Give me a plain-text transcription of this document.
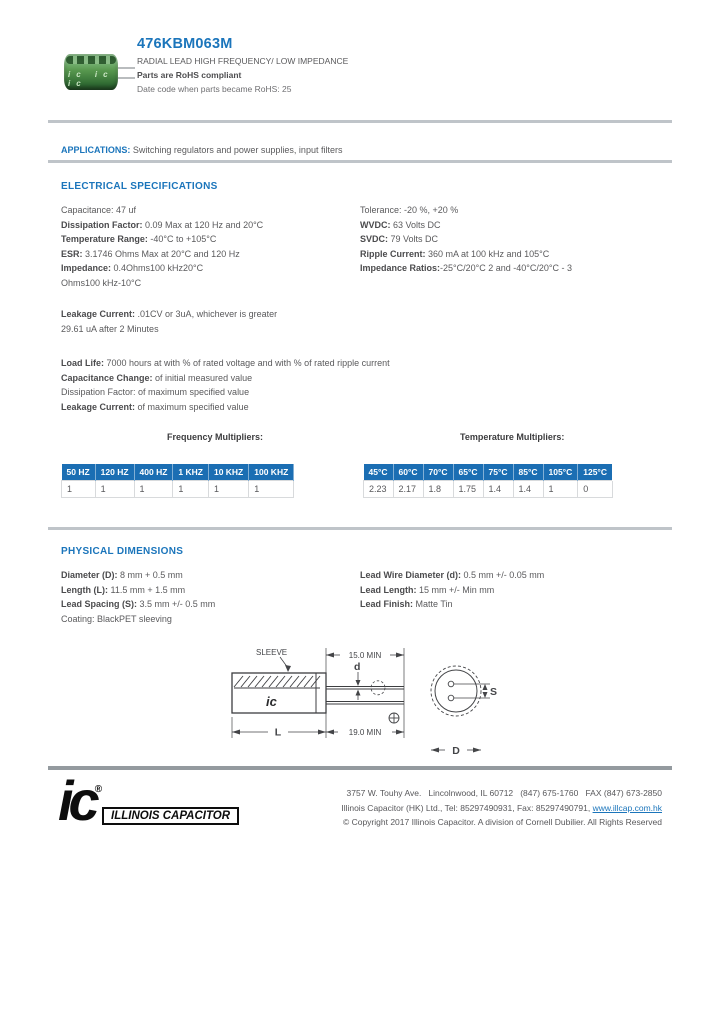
ic ic ic
476KBM063M
RADIAL LEAD HIGH FREQUENCY/ LOW IMPEDANCE
Parts are RoHS compliant
Date code when parts became RoHS: 25
APPLICATIONS: Switching regulators and power supplies, input filters
ELECTRICAL SPECIFICATIONS
Capacitance: 47 uf
Dissipation Factor: 0.09 Max at 120 Hz and 20°C
Temperature Range: -40°C to +105°C
ESR: 3.1746 Ohms Max at 20°C and 120 Hz
Impedance: 0.4Ohms100 kHz20°C
Ohms100 kHz-10°C
Tolerance: -20 %, +20 %
WVDC: 63 Volts DC
SVDC: 79 Volts DC
Ripple Current: 360 mA at 100 kHz and 105°C
Impedance Ratios:-25°C/20°C 2 and -40°C/20°C - 3
Leakage Current: .01CV or 3uA, whichever is greater
29.61 uA after 2 Minutes
Load Life: 7000 hours at with % of rated voltage and with % of rated ripple current
Capacitance Change: of initial measured value
Dissipation Factor: of maximum specified value
Leakage Current: of maximum specified value
Frequency Multipliers:	Temperature Multipliers:
50 HZ	120 HZ	400 HZ	1 KHZ	10 KHZ	100 KHZ
1	1	1	1	1	1
45°C	60°C	70°C	65°C	75°C	85°C	105°C	125°C
2.23	2.17	1.8	1.75	1.4	1.4	1	0
PHYSICAL DIMENSIONS
Diameter (D): 8 mm + 0.5 mm
Length (L): 11.5 mm + 1.5 mm
Lead Spacing (S): 3.5 mm +/- 0.5 mm
Coating: BlackPET sleeving
Lead Wire Diameter (d): 0.5 mm +/- 0.05 mm
Lead Length: 15 mm +/- Min mm
Lead Finish: Matte Tin
SLEEVE
ic
15.0 MIN
d
L	19.0 MIN
S
D
ic®
ILLINOIS CAPACITOR
3757 W. Touhy Ave.   Lincolnwood, IL 60712   (847) 675-1760   FAX (847) 673-2850
Illinois Capacitor (HK) Ltd., Tel: 85297490931, Fax: 85297490791, www.illcap.com.hk
© Copyright 2017 Illinois Capacitor. A division of Cornell Dubilier. All Rights Reserved
